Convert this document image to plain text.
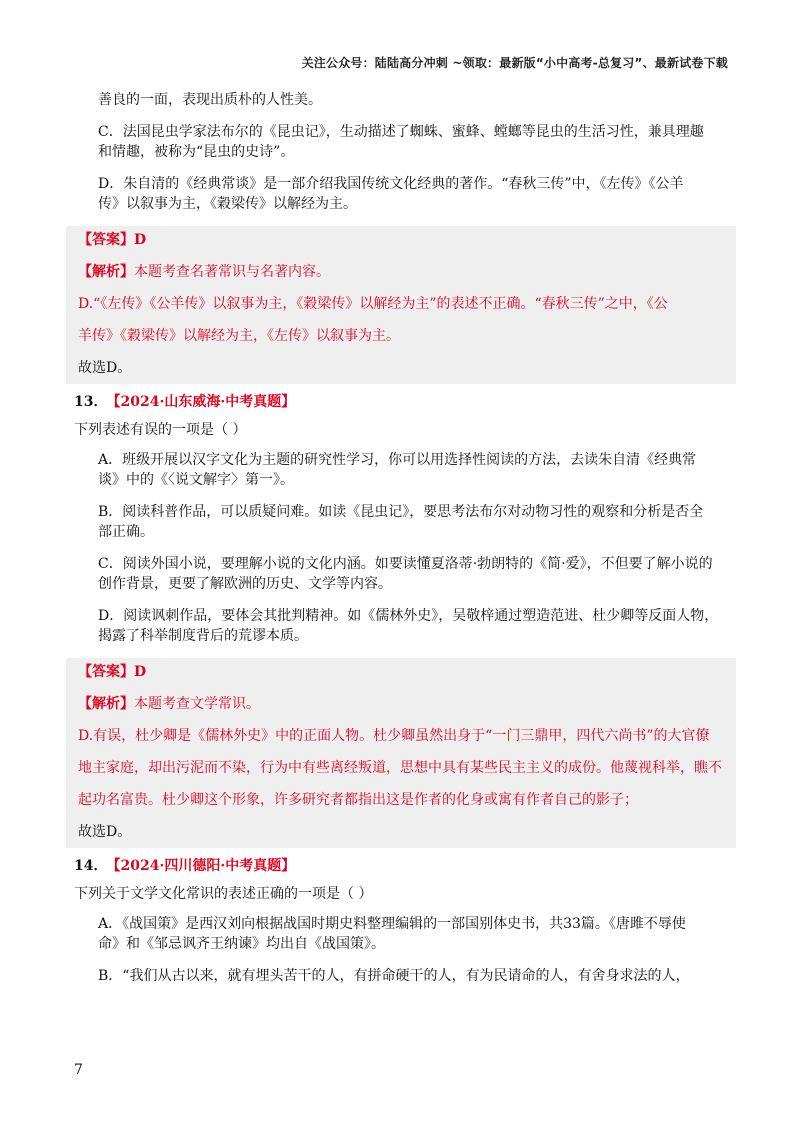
关注公众号：陆陆高分冲刺 ~领取：最新版“小中高考-总复习”、最新试卷下载
善良的一面，表现出质朴的人性美。
C．法国昆虫学家法布尔的《昆虫记》，生动描述了蜘蛛、蜜蜂、螳螂等昆虫的生活习性，兼具理趣
和情趣，被称为“昆虫的史诗”。
D．朱自清的《经典常谈》是一部介绍我国传统文化经典的著作。“春秋三传”中，《左传》《公羊
传》以叙事为主，《穀梁传》以解经为主。
【答案】D
【解析】本题考查名著常识与名著内容。
D.“《左传》《公羊传》以叙事为主，《穀梁传》以解经为主”的表述不正确。“春秋三传”之中，《公
羊传》《穀梁传》以解经为主，《左传》以叙事为主。
故选D。
13． 【2024·山东威海·中考真题】
下列表述有误的一项是（ ）
A．班级开展以汉字文化为主题的研究性学习，你可以用选择性阅读的方法，去读朱自清《经典常
谈》中的《〈说文解字〉第一》。
B．阅读科普作品，可以质疑问难。如读《昆虫记》，要思考法布尔对动物习性的观察和分析是否全
部正确。
C．阅读外国小说，要理解小说的文化内涵。如要读懂夏洛蒂·勃朗特的《简·爱》，不但要了解小说的
创作背景，更要了解欧洲的历史、文学等内容。
D．阅读讽刺作品，要体会其批判精神。如《儒林外史》，吴敬梓通过塑造范进、杜少卿等反面人物，
揭露了科举制度背后的荒谬本质。
【答案】D
【解析】本题考查文学常识。
D.有误，杜少卿是《儒林外史》中的正面人物。杜少卿虽然出身于“一门三鼎甲，四代六尚书”的大官僚
地主家庭，却出污泥而不染，行为中有些离经叛道，思想中具有某些民主主义的成份。他蔑视科举，瞧不
起功名富贵。杜少卿这个形象，许多研究者都指出这是作者的化身或寓有作者自己的影子；
故选D。
14． 【2024·四川德阳·中考真题】
下列关于文学文化常识的表述正确的一项是（ ）
A．《战国策》是西汉刘向根据战国时期史料整理编辑的一部国别体史书，共33篇。《唐雎不辱使
命》和《邹忌讽齐王纳谏》均出自《战国策》。
B．“我们从古以来，就有埋头苦干的人，有拼命硬干的人，有为民请命的人，有舍身求法的人，
7
